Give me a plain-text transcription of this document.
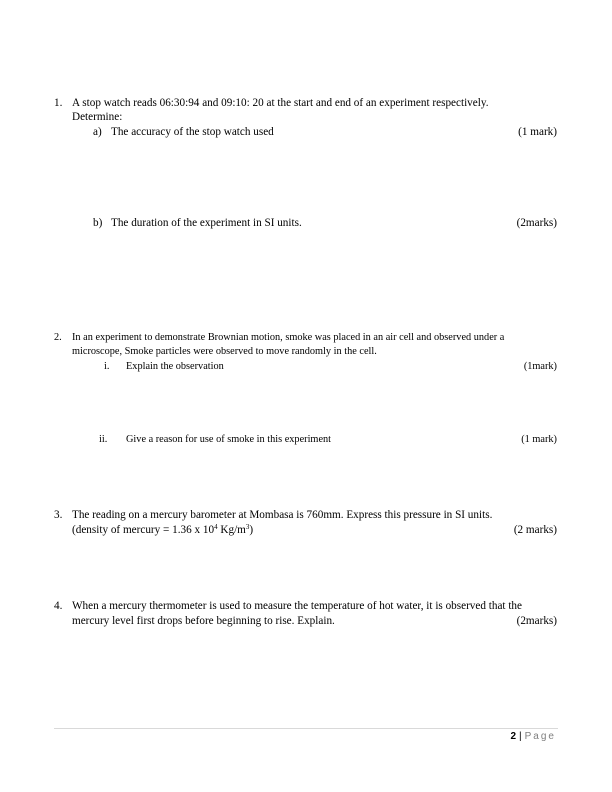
1. A stop watch reads 06:30:94 and 09:10: 20 at the start and end of an experiment respectively.
Determine:
a) The accuracy of the stop watch used	(1 mark)
b) The duration of the experiment in SI units.	(2marks)
2. In an experiment to demonstrate Brownian motion, smoke was placed in an air cell and observed under a
microscope, Smoke particles were observed to move randomly in the cell.
i. Explain the observation	(1mark)
ii. Give a reason for use of smoke in this experiment	(1 mark)
3. The reading on a mercury barometer at Mombasa is 760mm. Express this pressure in SI units.
(density of mercury = 1.36 x $10^4$ $Kg/m^3$)	(2 marks)
4. When a mercury thermometer is used to measure the temperature of hot water, it is observed that the
mercury level first drops before beginning to rise. Explain.	(2marks)
2 | Page
